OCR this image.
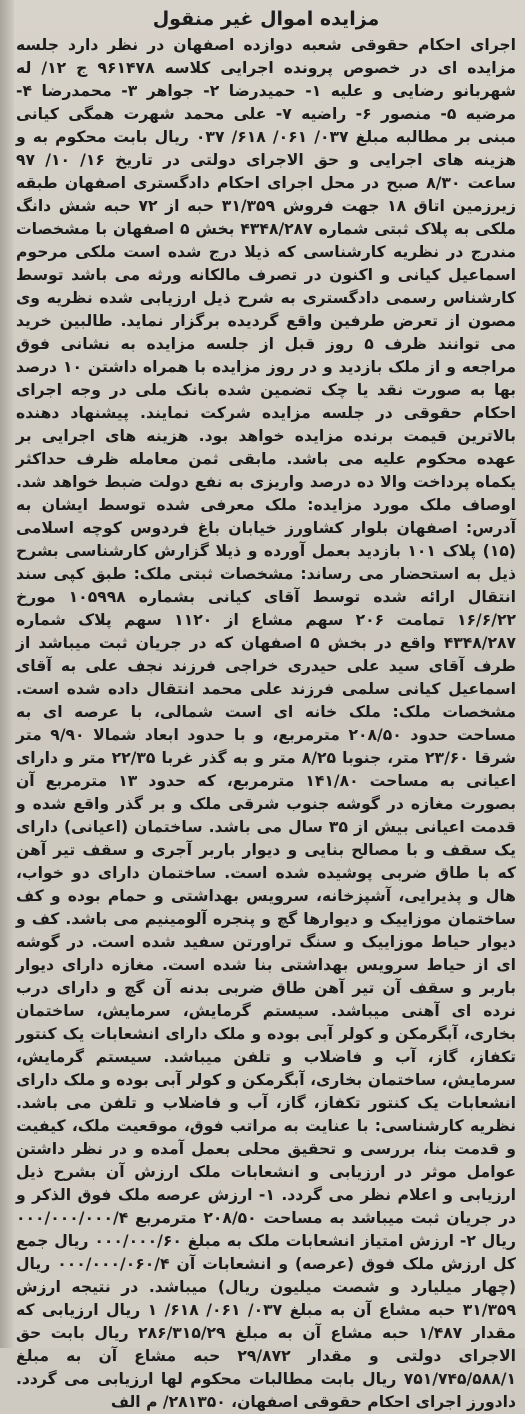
مزایده اموال غیر منقول

اجرای احکام حقوقی شعبه دوازده اصفهان در نظر دارد جلسه مزایده ای در خصوص پرونده اجرایی کلاسه ۹۶۱۴۷۸ ج ۱۲/ له شهربانو رضایی و علیه ۱- حمیدرضا ۲- جواهر ۳- محمدرضا ۴- مرضیه ۵- منصور ۶- راضیه ۷- علی محمد شهرت همگی کیانی مبنی بر مطالبه مبلغ ۰۳۷/ ۰۶۱/ ۶۱۸/ ۰۳۷ ریال بابت محکوم به و هزینه های اجرایی و حق الاجرای دولتی در تاریخ ۱۶/ ۱۰/ ۹۷ ساعت ۸/۳۰ صبح در محل اجرای احکام دادگستری اصفهان طبقه زیرزمین اتاق ۱۸ جهت فروش ۳۱/۳۵۹ حبه از ۷۲ حبه شش دانگ ملکی به پلاک ثبتی شماره ۴۳۴۸/۲۸۷ بخش ۵ اصفهان با مشخصات مندرج در نظریه کارشناسی که ذیلا درج شده است ملکی مرحوم اسماعیل کیانی و اکنون در تصرف مالکانه ورثه می باشد توسط کارشناس رسمی دادگستری به شرح ذیل ارزیابی شده نظریه وی مصون از تعرض طرفین واقع گردیده برگزار نماید. طالبین خرید می توانند ظرف ۵ روز قبل از جلسه مزایده به نشانی فوق مراجعه و از ملک بازدید و در روز مزایده با همراه داشتن ۱۰ درصد بها به صورت نقد یا چک تضمین شده بانک ملی در وجه اجرای احکام حقوقی در جلسه مزایده شرکت نمایند. پیشنهاد دهنده بالاترین قیمت برنده مزایده خواهد بود. هزینه های اجرایی بر عهده محکوم علیه می باشد. مابقی ثمن معامله ظرف حداکثر یکماه پرداخت والا ده درصد واریزی به نفع دولت ضبط خواهد شد. اوصاف ملک مورد مزایده: ملک معرفی شده توسط ایشان به آدرس: اصفهان بلوار کشاورز خیابان باغ فردوس کوچه اسلامی (۱۵) پلاک ۱۰۱ بازدید بعمل آورده و ذیلا گزارش کارشناسی بشرح ذیل به استحضار می رساند: مشخصات ثبتی ملک: طبق کپی سند انتقال ارائه شده توسط آقای کیانی بشماره ۱۰۵۹۹۸ مورخ ۱۶/۶/۲۲ تمامت ۲۰۶ سهم مشاع از ۱۱۲۰ سهم پلاک شماره ۴۳۴۸/۲۸۷ واقع در بخش ۵ اصفهان که در جریان ثبت میباشد از طرف آقای سید علی حیدری خراجی فرزند نجف علی به آقای اسماعیل کیانی سلمی فرزند علی محمد انتقال داده شده است. مشخصات ملک: ملک خانه ای است شمالی، با عرصه ای به مساحت حدود ۲۰۸/۵۰ مترمربع، و با حدود ابعاد شمالا ۹/۹۰ متر شرقا ۲۳/۶۰ متر، جنوبا ۸/۲۵ متر و به گذر غربا ۲۲/۳۵ متر و دارای اعیانی به مساحت ۱۴۱/۸۰ مترمربع، که حدود ۱۳ مترمربع آن بصورت مغازه در گوشه جنوب شرقی ملک و بر گذر واقع شده و قدمت اعیانی بیش از ۳۵ سال می باشد. ساختمان (اعیانی) دارای یک سقف و با مصالح بنایی و دیوار باربر آجری و سقف تیر آهن که با طاق ضربی پوشیده شده است. ساختمان دارای دو خواب، هال و پذیرایی، آشپزخانه، سرویس بهداشتی و حمام بوده و کف ساختمان موزاییک و دیوارها گچ و پنجره آلومینیم می باشد. کف و دیوار حیاط موزاییک و سنگ تراورتن سفید شده است. در گوشه ای از حیاط سرویس بهداشتی بنا شده است. مغازه دارای دیوار باربر و سقف آن تیر آهن طاق ضربی بدنه آن گچ و دارای درب نرده ای آهنی میباشد. سیستم گرمایش، سرمایش، ساختمان بخاری، آبگرمکن و کولر آبی بوده و ملک دارای انشعابات یک کنتور تکفاز، گاز، آب و فاضلاب و تلفن میباشد. سیستم گرمایش، سرمایش، ساختمان بخاری، آبگرمکن و کولر آبی بوده و ملک دارای انشعابات یک کنتور تکفاز، گاز، آب و فاضلاب و تلفن می باشد. نظریه کارشناسی: با عنایت به مراتب فوق، موقعیت ملک، کیفیت و قدمت بنا، بررسی و تحقیق محلی بعمل آمده و در نظر داشتن عوامل موثر در ارزیابی و انشعابات ملک ارزش آن بشرح ذیل ارزیابی و اعلام نظر می گردد. ۱- ارزش عرصه ملک فوق الذکر و در جریان ثبت میباشد به مساحت ۲۰۸/۵۰ مترمربع ۰۰۰/۰۰۰/۰۰۰/۴ ریال ۲- ارزش امتیاز انشعابات ملک به مبلغ ۰۰۰/۰۰۰/۶۰ ریال جمع کل ارزش ملک فوق (عرصه) و انشعابات آن ۰۰۰/۰۰۰/۰۶۰/۴ ریال (چهار میلیارد و شصت میلیون ریال) میباشد. در نتیجه ارزش ۳۱/۳۵۹ حبه مشاع آن به مبلغ ۰۳۷/ ۰۶۱/ ۶۱۸/ ۱ ریال ارزیابی که مقدار ۱/۴۸۷ حبه مشاع آن به مبلغ ۲۸۶/۳۱۵/۲۹ ریال بابت حق الاجرای دولتی و مقدار ۲۹/۸۷۲ حبه مشاع آن به مبلغ ۷۵۱/۷۴۵/۵۸۸/۱ ریال بابت مطالبات محکوم لها ارزیابی می گردد. دادورز اجرای احکام حقوقی اصفهان، ۲۸۱۳۵۰/ م الف
